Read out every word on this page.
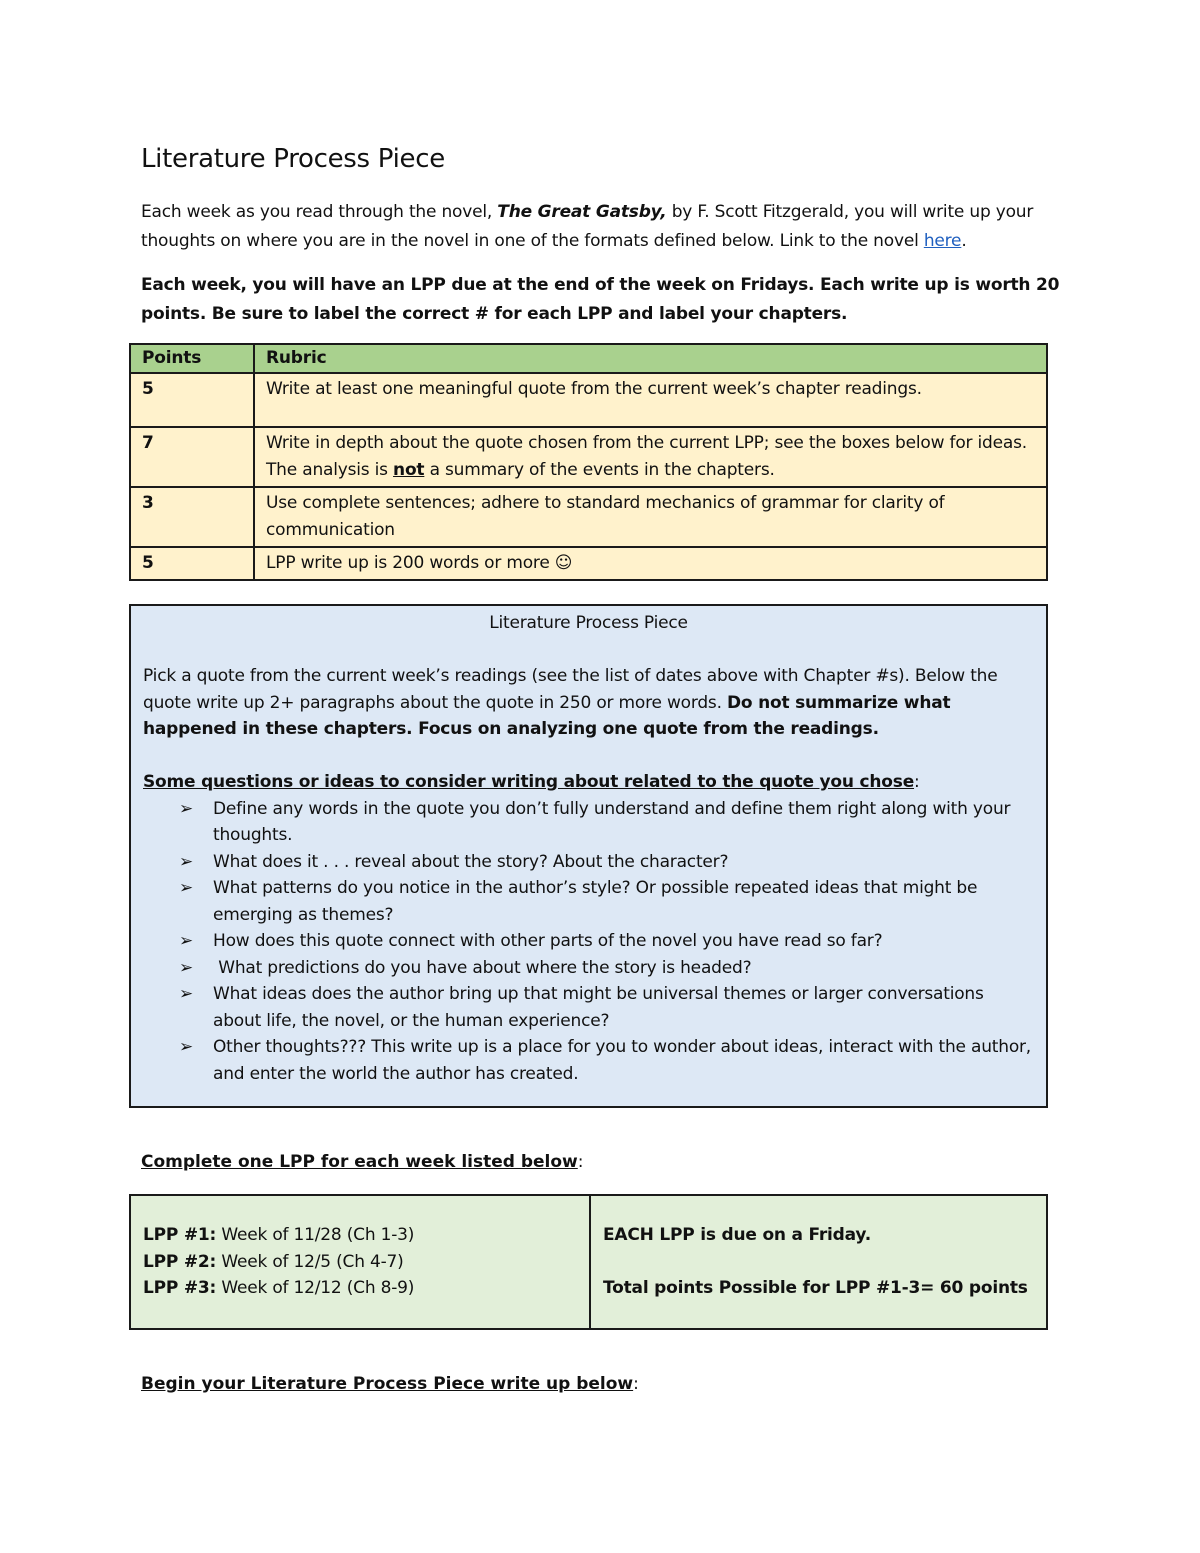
Literature Process Piece

Each week as you read through the novel, The Great Gatsby, by F. Scott Fitzgerald, you will write up your thoughts on where you are in the novel in one of the formats defined below. Link to the novel here.

Each week, you will have an LPP due at the end of the week on Fridays. Each write up is worth 20 points. Be sure to label the correct # for each LPP and label your chapters.

Points	Rubric
5	Write at least one meaningful quote from the current week’s chapter readings.
7	Write in depth about the quote chosen from the current LPP; see the boxes below for ideas. The analysis is not a summary of the events in the chapters.
3	Use complete sentences; adhere to standard mechanics of grammar for clarity of communication
5	LPP write up is 200 words or more ☺

Literature Process Piece

Pick a quote from the current week’s readings (see the list of dates above with Chapter #s). Below the quote write up 2+ paragraphs about the quote in 250 or more words. Do not summarize what happened in these chapters. Focus on analyzing one quote from the readings.

Some questions or ideas to consider writing about related to the quote you chose:

➢ Define any words in the quote you don’t fully understand and define them right along with your thoughts.
➢ What does it . . . reveal about the story? About the character?
➢ What patterns do you notice in the author’s style? Or possible repeated ideas that might be emerging as themes?
➢ How does this quote connect with other parts of the novel you have read so far?
➢ What predictions do you have about where the story is headed?
➢ What ideas does the author bring up that might be universal themes or larger conversations about life, the novel, or the human experience?
➢ Other thoughts??? This write up is a place for you to wonder about ideas, interact with the author, and enter the world the author has created.

Complete one LPP for each week listed below:

LPP #1: Week of 11/28 (Ch 1-3)
LPP #2: Week of 12/5 (Ch 4-7)
LPP #3: Week of 12/12 (Ch 8-9)
EACH LPP is due on a Friday.
Total points Possible for LPP #1-3= 60 points

Begin your Literature Process Piece write up below:
